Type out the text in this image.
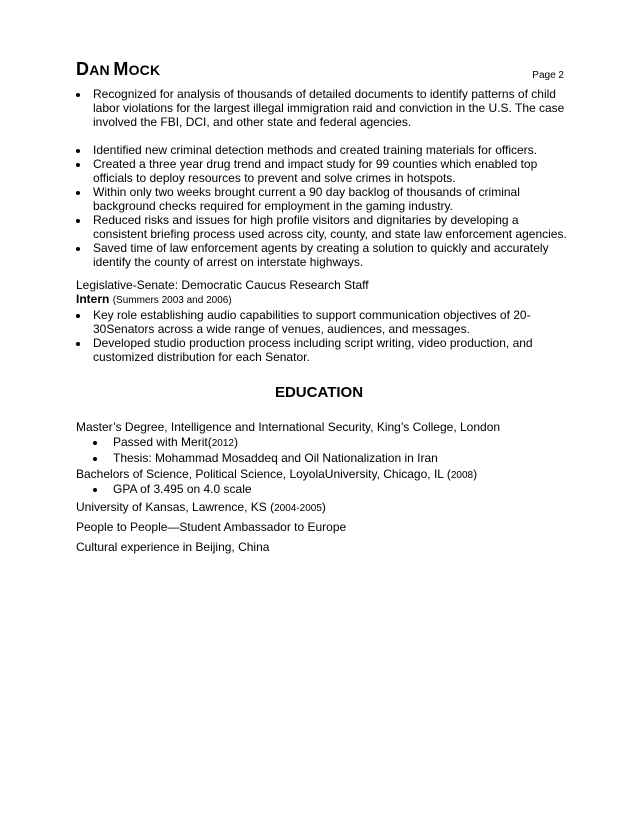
DAN MOCK	Page 2
Recognized for analysis of thousands of detailed documents to identify patterns of child labor violations for the largest illegal immigration raid and conviction in the U.S. The case involved the FBI, DCI, and other state and federal agencies.
Identified new criminal detection methods and created training materials for officers.
Created a three year drug trend and impact study for 99 counties which enabled top officials to deploy resources to prevent and solve crimes in hotspots.
Within only two weeks brought current a 90 day backlog of thousands of criminal background checks required for employment in the gaming industry.
Reduced risks and issues for high profile visitors and dignitaries by developing a consistent briefing process used across city, county, and state law enforcement agencies.
Saved time of law enforcement agents by creating a solution to quickly and accurately identify the county of arrest on interstate highways.
Legislative-Senate: Democratic Caucus Research Staff
Intern (Summers 2003 and 2006)
Key role establishing audio capabilities to support communication objectives of 20-30Senators across a wide range of venues, audiences, and messages.
Developed studio production process including script writing, video production, and customized distribution for each Senator.
EDUCATION
Master’s Degree, Intelligence and International Security, King’s College, London
Passed with Merit(2012)
Thesis: Mohammad Mosaddeq and Oil Nationalization in Iran
Bachelors of Science, Political Science, LoyolaUniversity, Chicago, IL (2008)
GPA of 3.495 on 4.0 scale
University of Kansas, Lawrence, KS (2004-2005)
People to People—Student Ambassador to Europe
Cultural experience in Beijing, China
